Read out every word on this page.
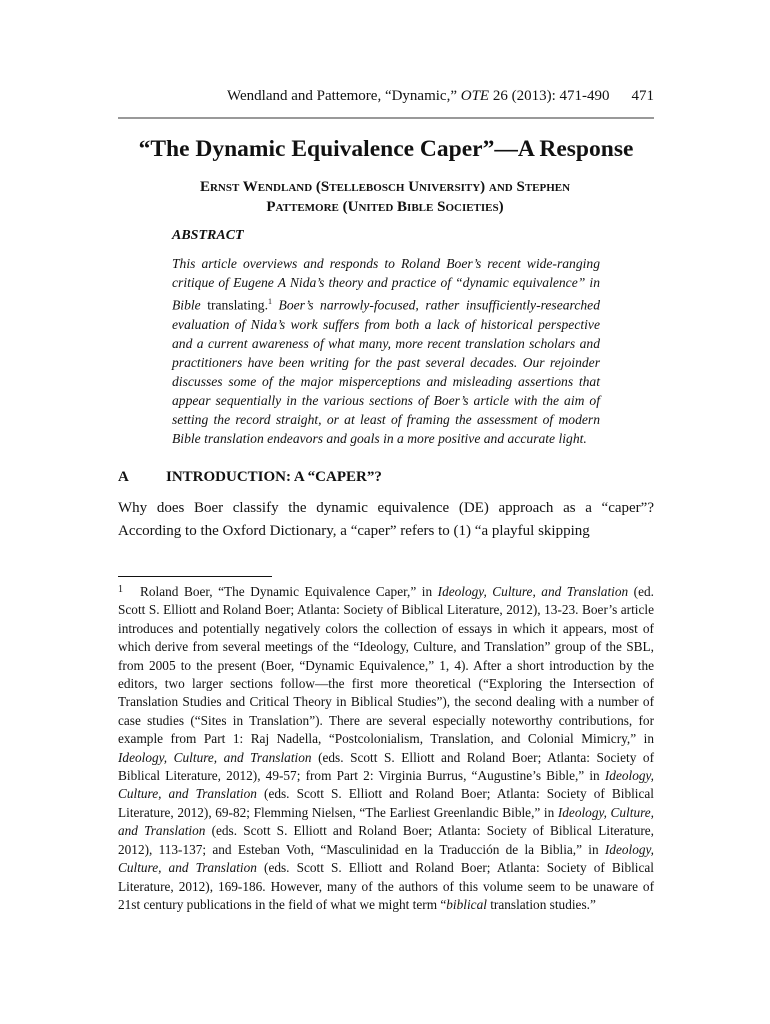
Wendland and Pattemore, “Dynamic,” OTE 26 (2013): 471-490 471
“The Dynamic Equivalence Caper”—A Response
Ernst Wendland (Stellebosch University) and Stephen
Pattemore (United Bible Societies)
ABSTRACT

This article overviews and responds to Roland Boer’s recent wide-ranging critique of Eugene A Nida’s theory and practice of “dynamic equivalence” in Bible translating.$^1$ Boer’s narrowly-focused, rather insufficiently-researched evaluation of Nida’s work suffers from both a lack of historical perspective and a current awareness of what many, more recent translation scholars and practitioners have been writing for the past several decades. Our rejoinder discusses some of the major misperceptions and misleading assertions that appear sequentially in the various sections of Boer’s article with the aim of setting the record straight, or at least of framing the assessment of modern Bible translation endeavors and goals in a more positive and accurate light.

A	INTRODUCTION: A “CAPER”?

Why does Boer classify the dynamic equivalence (DE) approach as a “caper”? According to the Oxford Dictionary, a “caper” refers to (1) “a playful skipping

1 Roland Boer, “The Dynamic Equivalence Caper,” in Ideology, Culture, and Translation (ed. Scott S. Elliott and Roland Boer; Atlanta: Society of Biblical Literature, 2012), 13-23. Boer’s article introduces and potentially negatively colors the collection of essays in which it appears, most of which derive from several meetings of the “Ideology, Culture, and Translation” group of the SBL, from 2005 to the present (Boer, “Dynamic Equivalence,” 1, 4). After a short introduction by the editors, two larger sections follow—the first more theoretical (“Exploring the Intersection of Translation Studies and Critical Theory in Biblical Studies”), the second dealing with a number of case studies (“Sites in Translation”). There are several especially noteworthy contributions, for example from Part 1: Raj Nadella, “Postcolonialism, Translation, and Colonial Mimicry,” in Ideology, Culture, and Translation (eds. Scott S. Elliott and Roland Boer; Atlanta: Society of Biblical Literature, 2012), 49-57; from Part 2: Virginia Burrus, “Augustine’s Bible,” in Ideology, Culture, and Translation (eds. Scott S. Elliott and Roland Boer; Atlanta: Society of Biblical Literature, 2012), 69-82; Flemming Nielsen, “The Earliest Greenlandic Bible,” in Ideology, Culture, and Translation (eds. Scott S. Elliott and Roland Boer; Atlanta: Society of Biblical Literature, 2012), 113-137; and Esteban Voth, “Masculinidad en la Traducción de la Biblia,” in Ideology, Culture, and Translation (eds. Scott S. Elliott and Roland Boer; Atlanta: Society of Biblical Literature, 2012), 169-186. However, many of the authors of this volume seem to be unaware of 21st century publications in the field of what we might term “biblical translation studies.”
